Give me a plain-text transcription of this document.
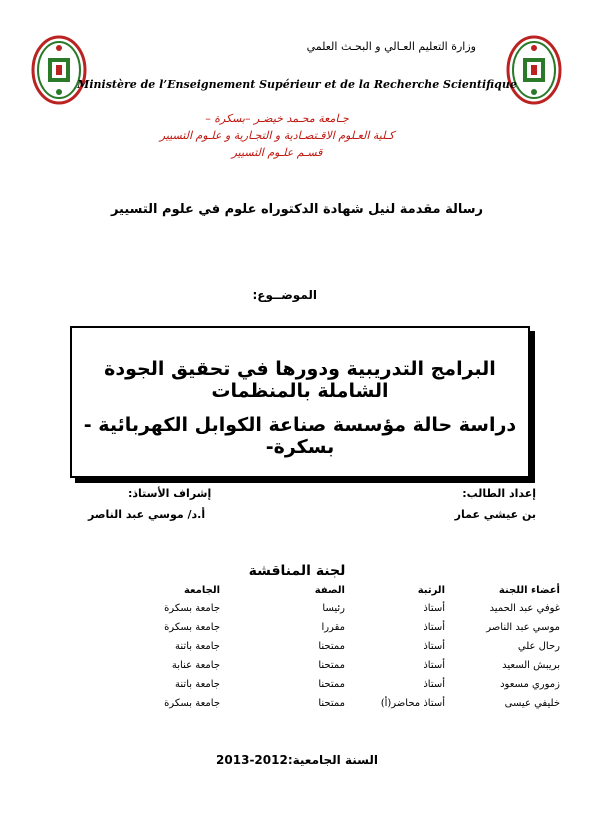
وزارة التعليم العـالي و البحـث العلمي
Ministère de l’Enseignement Supérieur et de la Recherche Scientifique
جـامعة محـمد خيضـر –بسكرة –
كـلية العـلوم الاقـتصـادية و التجـارية و علـوم التسيير
قسـم علـوم التسيير
رسالة مقدمة لنيل شهادة الدكتوراه علوم في علوم التسيير
الموضــوع:
البرامج التدريبية ودورها في تحقيق الجودة الشاملة بالمنظمات
دراسة حالة مؤسسة صناعة الكوابل الكهربائية - بسكرة-
إعداد الطالب:
بن عيشي عمار
إشراف الأستاذ:
أ.د/ موسي عبد الناصر
لجنة المناقشة
أعضاء اللجنة	الرتبة	الصفة	الجامعة
غوفي عبد الحميد	أستاذ	رئيسا	جامعة بسكرة
موسي عبد الناصر	أستاذ	مقررا	جامعة بسكرة
رحال علي	أستاذ	ممتحنا	جامعة باتنة
بريبش السعيد	أستاذ	ممتحنا	جامعة عنابة
زموري مسعود	أستاذ	ممتحنا	جامعة باتنة
خليفي عيسى	أستاذ محاضر(أ)	ممتحنا	جامعة بسكرة
السنة الجامعية:2012-2013
